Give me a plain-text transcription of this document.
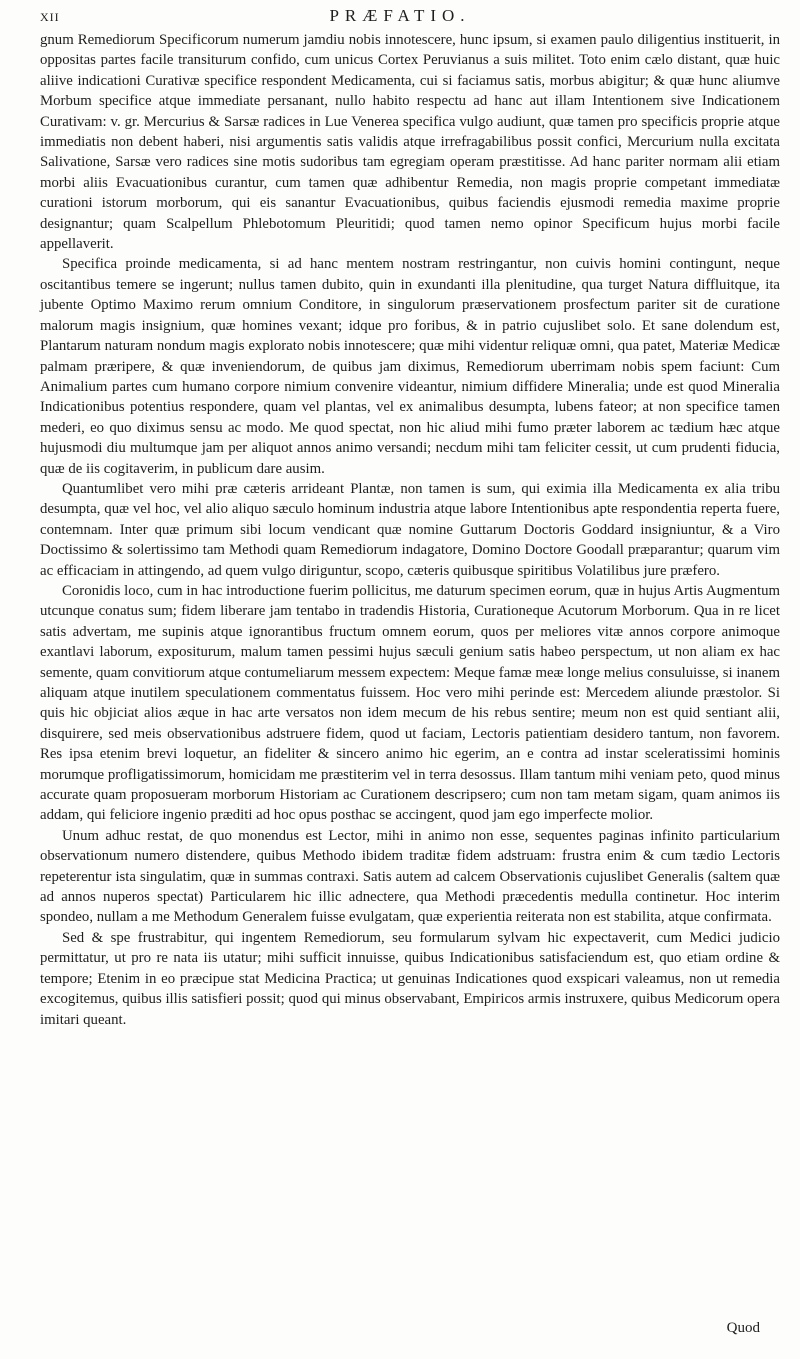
XII	PRÆFATIO.

gnum Remediorum Specificorum numerum jamdiu nobis innotescere, hunc ipsum, si examen paulo diligentius instituerit, in oppositas partes facile transiturum confido, cum unicus Cortex Peruvianus a suis militet. Toto enim cælo distant, quæ huic aliive indicationi Curativæ specifice respondent Medicamenta, cui si faciamus satis, morbus abigitur; & quæ hunc aliumve Morbum specifice atque immediate persanant, nullo habito respectu ad hanc aut illam Intentionem sive Indicationem Curativam: v. gr. Mercurius & Sarsæ radices in Lue Venerea specifica vulgo audiunt, quæ tamen pro specificis proprie atque immediatis non debent haberi, nisi argumentis satis validis atque irrefragabilibus possit confici, Mercurium nulla excitata Salivatione, Sarsæ vero radices sine motis sudoribus tam egregiam operam præstitisse. Ad hanc pariter normam alii etiam morbi aliis Evacuationibus curantur, cum tamen quæ adhibentur Remedia, non magis proprie competant immediatæ curationi istorum morborum, qui eis sanantur Evacuationibus, quibus faciendis ejusmodi remedia maxime proprie designantur; quam Scalpellum Phlebotomum Pleuritidi; quod tamen nemo opinor Specificum hujus morbi facile appellaverit.

Specifica proinde medicamenta, si ad hanc mentem nostram restringantur, non cuivis homini contingunt, neque oscitantibus temere se ingerunt; nullus tamen dubito, quin in exundanti illa plenitudine, qua turget Natura diffluitque, ita jubente Optimo Maximo rerum omnium Conditore, in singulorum præservationem prosfectum pariter sit de curatione malorum magis insignium, quæ homines vexant; idque pro foribus, & in patrio cujuslibet solo. Et sane dolendum est, Plantarum naturam nondum magis explorato nobis innotescere; quæ mihi videntur reliquæ omni, qua patet, Materiæ Medicæ palmam præripere, & quæ inveniendorum, de quibus jam diximus, Remediorum uberrimam nobis spem faciunt: Cum Animalium partes cum humano corpore nimium convenire videantur, nimium diffidere Mineralia; unde est quod Mineralia Indicationibus potentius respondere, quam vel plantas, vel ex animalibus desumpta, lubens fateor; at non specifice tamen mederi, eo quo diximus sensu ac modo. Me quod spectat, non hic aliud mihi fumo præter laborem ac tædium hæc atque hujusmodi diu multumque jam per aliquot annos animo versandi; necdum mihi tam feliciter cessit, ut cum prudenti fiducia, quæ de iis cogitaverim, in publicum dare ausim.

Quantumlibet vero mihi præ cæteris arrideant Plantæ, non tamen is sum, qui eximia illa Medicamenta ex alia tribu desumpta, quæ vel hoc, vel alio aliquo sæculo hominum industria atque labore Intentionibus apte respondentia reperta fuere, contemnam. Inter quæ primum sibi locum vendicant quæ nomine Guttarum Doctoris Goddard insigniuntur, & a Viro Doctissimo & solertissimo tam Methodi quam Remediorum indagatore, Domino Doctore Goodall præparantur; quarum vim ac efficaciam in attingendo, ad quem vulgo diriguntur, scopo, cæteris quibusque spiritibus Volatilibus jure præfero.

Coronidis loco, cum in hac introductione fuerim pollicitus, me daturum specimen eorum, quæ in hujus Artis Augmentum utcunque conatus sum; fidem liberare jam tentabo in tradendis Historia, Curationeque Acutorum Morborum. Qua in re licet satis advertam, me supinis atque ignorantibus fructum omnem eorum, quos per meliores vitæ annos corpore animoque exantlavi laborum, expositurum, malum tamen pessimi hujus sæculi genium satis habeo perspectum, ut non aliam ex hac semente, quam convitiorum atque contumeliarum messem expectem: Meque famæ meæ longe melius consuluisse, si inanem aliquam atque inutilem speculationem commentatus fuissem. Hoc vero mihi perinde est: Mercedem aliunde præstolor. Si quis hic objiciat alios æque in hac arte versatos non idem mecum de his rebus sentire; meum non est quid sentiant alii, disquirere, sed meis observationibus adstruere fidem, quod ut faciam, Lectoris patientiam desidero tantum, non favorem. Res ipsa etenim brevi loquetur, an fideliter & sincero animo hic egerim, an e contra ad instar sceleratissimi hominis morumque profligatissimorum, homicidam me præstiterim vel in terra desossus. Illam tantum mihi veniam peto, quod minus accurate quam proposueram morborum Historiam ac Curationem descripsero; cum non tam metam sigam, quam animos iis addam, qui feliciore ingenio præditi ad hoc opus posthac se accingent, quod jam ego imperfecte molior.

Unum adhuc restat, de quo monendus est Lector, mihi in animo non esse, sequentes paginas infinito particularium observationum numero distendere, quibus Methodo ibidem traditæ fidem adstruam: frustra enim & cum tædio Lectoris repeterentur ista singulatim, quæ in summas contraxi. Satis autem ad calcem Observationis cujuslibet Generalis (saltem quæ ad annos nuperos spectat) Particularem hic illic adnectere, qua Methodi præcedentis medulla continetur. Hoc interim spondeo, nullam a me Methodum Generalem fuisse evulgatam, quæ experientia reiterata non est stabilita, atque confirmata.

Sed & spe frustrabitur, qui ingentem Remediorum, seu formularum sylvam hic expectaverit, cum Medici judicio permittatur, ut pro re nata iis utatur; mihi sufficit innuisse, quibus Indicationibus satisfaciendum est, quo etiam ordine & tempore; Etenim in eo præcipue stat Medicina Practica; ut genuinas Indicationes quod exspicari valeamus, non ut remedia excogitemus, quibus illis satisfieri possit; quod qui minus observabant, Empiricos armis instruxere, quibus Medicorum opera imitari queant.

Quod
